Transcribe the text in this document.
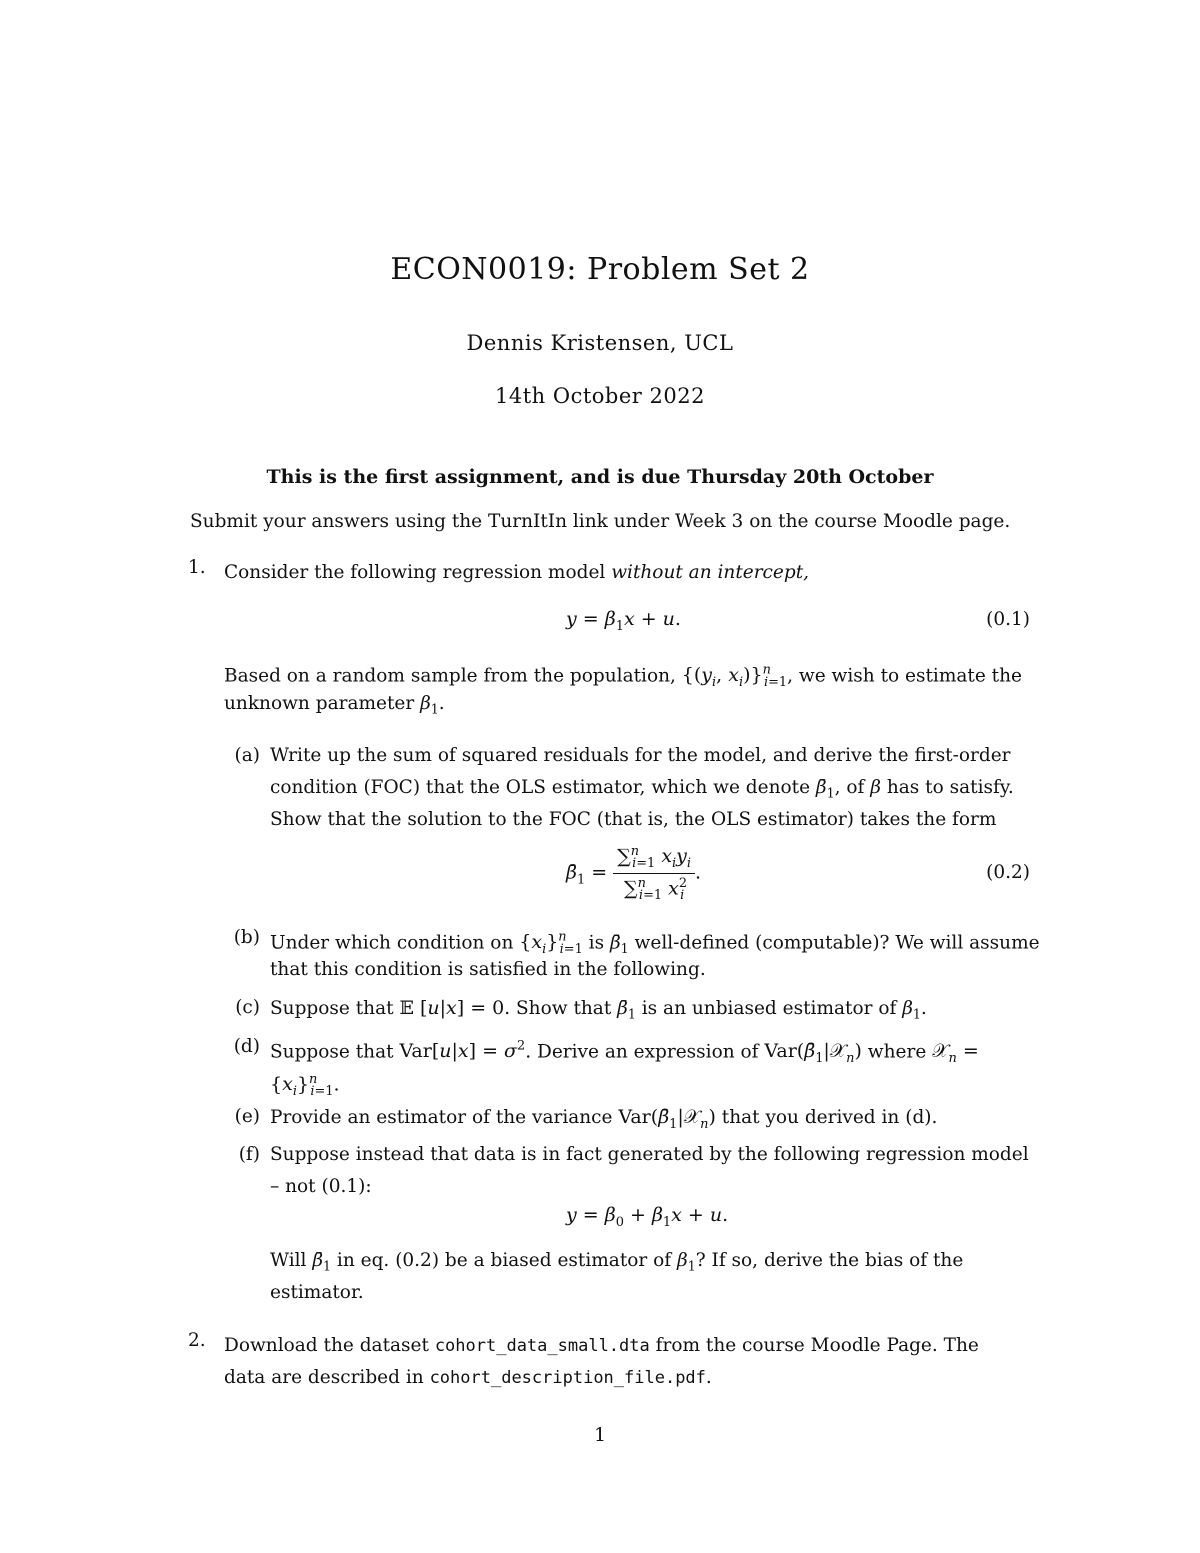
ECON0019: Problem Set 2
Dennis Kristensen, UCL
14th October 2022
This is the first assignment, and is due Thursday 20th October
Submit your answers using the TurnItIn link under Week 3 on the course Moodle page.
1. Consider the following regression model without an intercept,
$y = \beta_1x + u$.	(0.1)
Based on a random sample from the population, {($y_i$, $x_i)\}^n_{i=1}$, we wish to estimate the
unknown parameter $\beta_1$.
(a) Write up the sum of squared residuals for the model, and derive the first-order
condition (FOC) that the OLS estimator, which we denote $\betā_1$, of β has to satisfy.
Show that the solution to the FOC (that is, the OLS estimator) takes the form
$\betā_1 = \frac{\sum^n_{i=1} x_iy_i}{\sum^n_{i=1} x^2_i}$ .	(0.2)
(b) Under which condition on $\{x_i\}^n_{i=1}$ is $\betā_1$ well-defined (computable)? We will assume
that this condition is satisfied in the following.
(c) Suppose that 𝔼 [u|x] = 0. Show that $\betā_1$ is an unbiased estimator of $\beta_1$.
(d) Suppose that $Var[u|x] = \sigma^2$. Derive an expression of $Var(\betā_1|𝒳_n)$ where 𝒳$_n$ =
$\{x_i\}^n_{i=1}$.
(e) Provide an estimator of the variance $Var(\betā_1|𝒳_n)$ that you derived in (d).
(f) Suppose instead that data is in fact generated by the following regression model
– not (0.1):
$y = \beta_0 + \beta_1x + u$.
Will $\betā_1$ in eq. (0.2) be a biased estimator of $\beta_1$? If so, derive the bias of the
estimator.
2. Download the dataset cohort_data_small.dta from the course Moodle Page. The
data are described in cohort_description_file.pdf.
1
